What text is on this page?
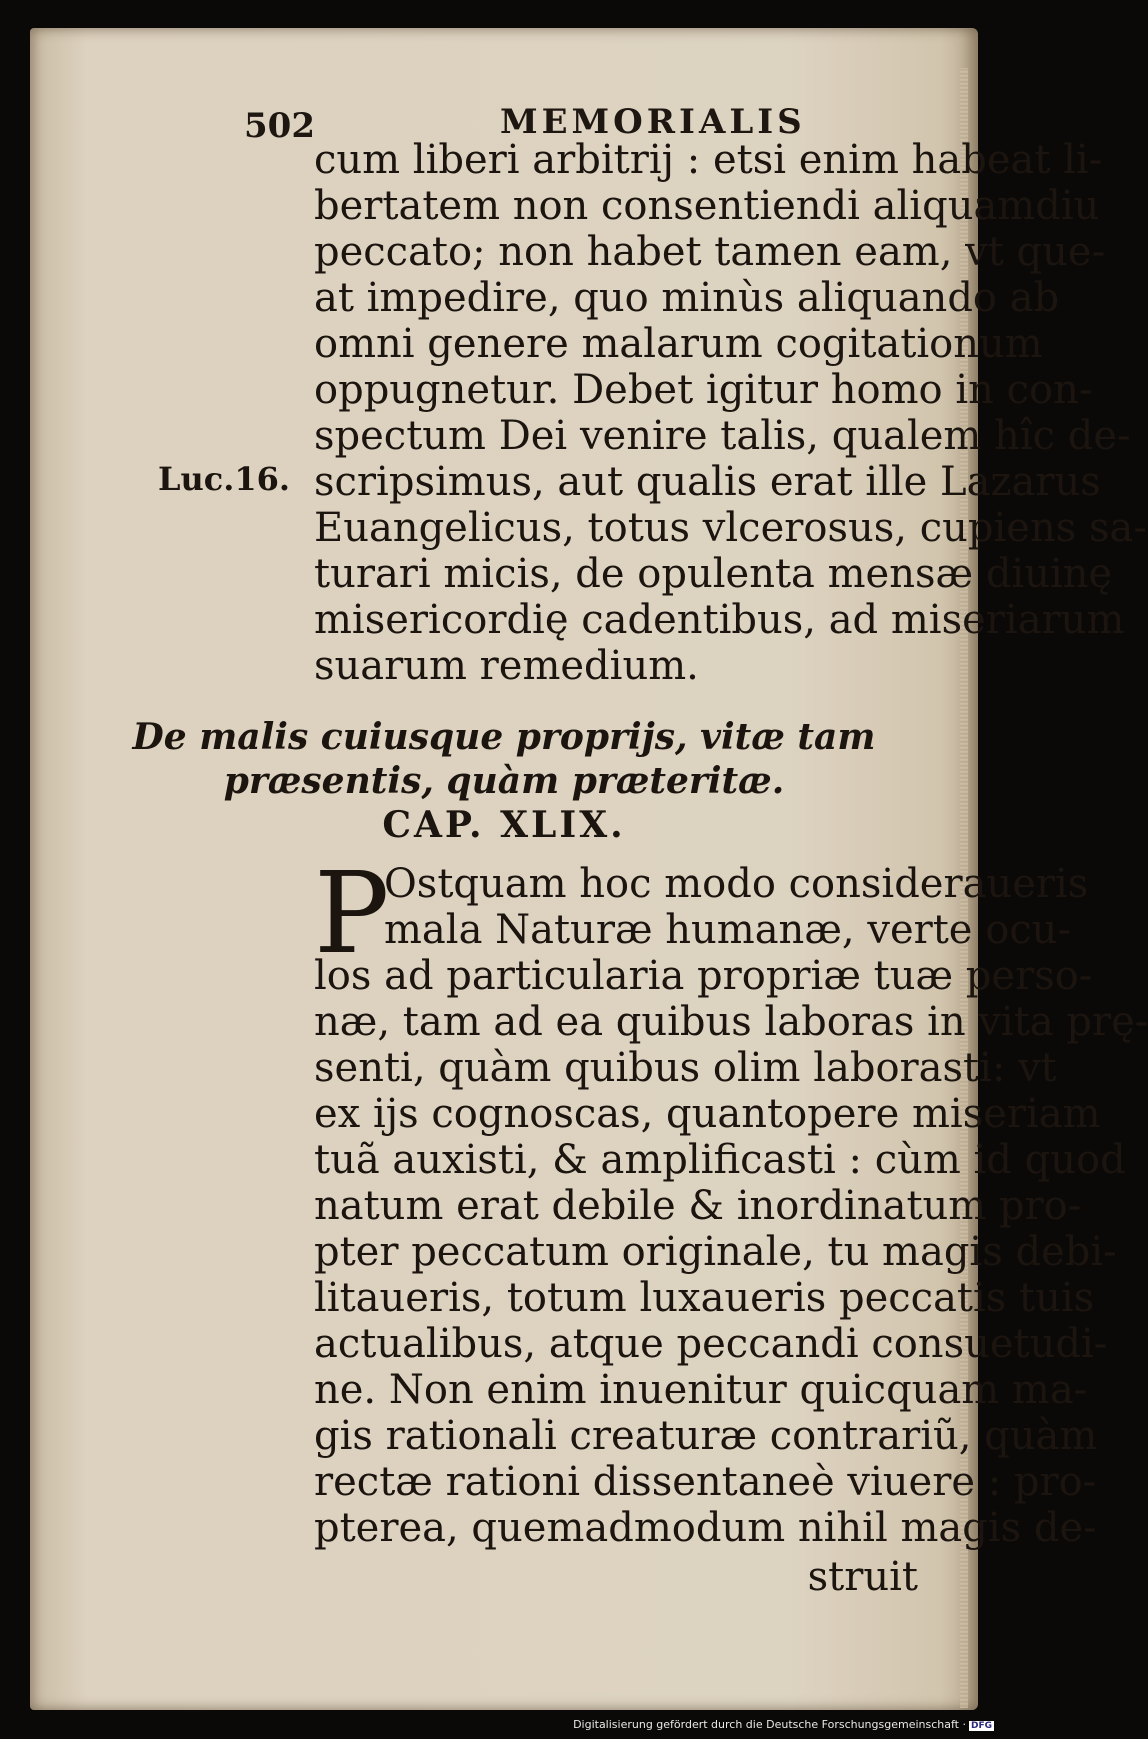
502	MEMORIALIS
Luc.16.
cum liberi arbitrij : etsi enim habeat li-
bertatem non consentiendi aliquamdiu
peccato; non habet tamen eam, vt que-
at impedire, quo minùs aliquando ab
omni genere malarum cogitationum
oppugnetur. Debet igitur homo in con-
spectum Dei venire talis, qualem hîc de-
scripsimus, aut qualis erat ille Lazarus
Euangelicus, totus vlcerosus, cupiens sa-
turari micis, de opulenta mensæ diuinę
misericordię cadentibus, ad miseriarum
suarum remedium.
De malis cuiusque proprijs, vitæ tam
præsentis, quàm præteritæ.
CAP. XLIX.
P
Ostquam hoc modo consideraueris
mala Naturæ humanæ, verte ocu-
los ad particularia propriæ tuæ perso-
næ, tam ad ea quibus laboras in vita prę-
senti, quàm quibus olim laborasti: vt
ex ijs cognoscas, quantopere miseriam
tuã auxisti, & amplificasti : cùm id quod
natum erat debile & inordinatum pro-
pter peccatum originale, tu magis debi-
litaueris, totum luxaueris peccatis tuis
actualibus, atque peccandi consuetudi-
ne. Non enim inuenitur quicquam ma-
gis rationali creaturæ contrariũ, quàm
rectæ rationi dissentaneè viuere : pro-
pterea, quemadmodum nihil magis de-
struit
Digitalisierung gefördert durch die Deutsche Forschungsgemeinschaft · DFG
